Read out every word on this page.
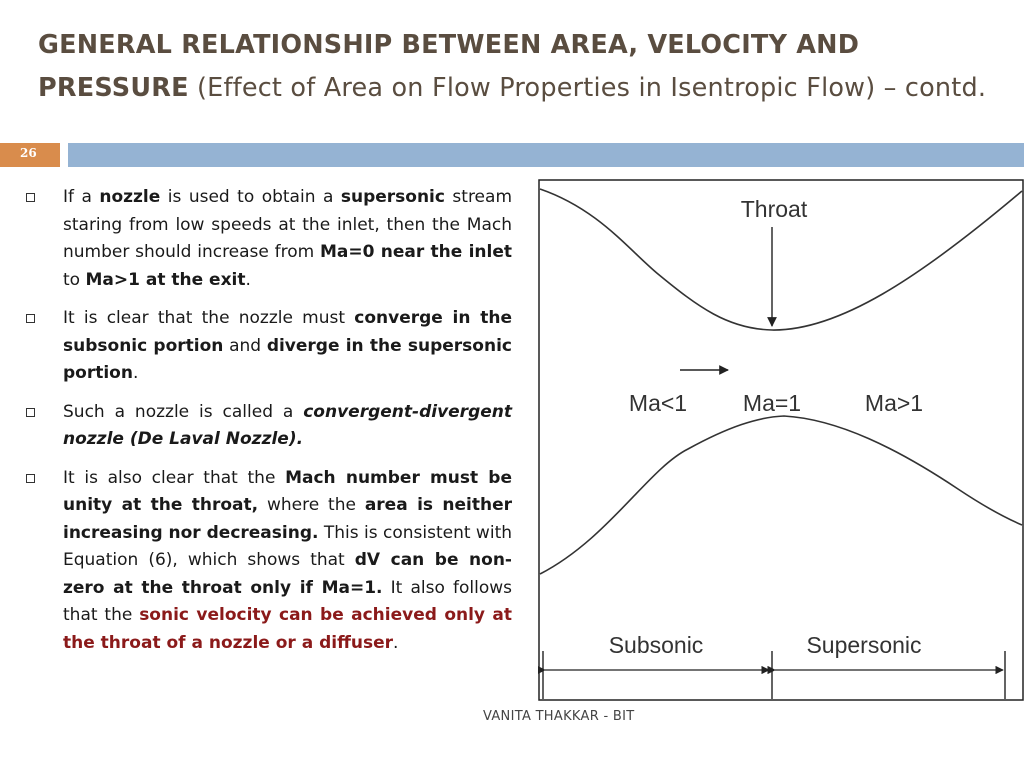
GENERAL RELATIONSHIP BETWEEN AREA, VELOCITY AND PRESSURE (Effect of Area on Flow Properties in Isentropic Flow) – contd.
26
If a nozzle is used to obtain a supersonic stream staring from low speeds at the inlet, then the Mach number should increase from Ma=0 near the inlet to Ma>1 at the exit.
It is clear that the nozzle must converge in the subsonic portion and diverge in the supersonic portion.
Such a nozzle is called a convergent-divergent nozzle (De Laval Nozzle).
It is also clear that the Mach number must be unity at the throat, where the area is neither increasing nor decreasing. This is consistent with Equation (6), which shows that dV can be non-zero at the throat only if Ma=1. It also follows that the sonic velocity can be achieved only at the throat of a nozzle or a diffuser.
Throat
Ma<1 Ma=1	Ma>1
Subsonic	Supersonic
VANITA THAKKAR - BIT
